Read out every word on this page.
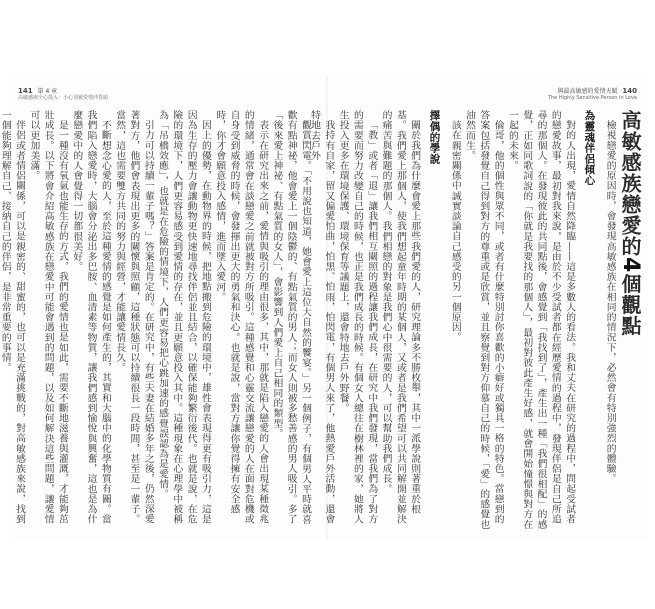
141 第 4 章
高敏感與全心投入：小心別被愛情沖昏頭
與最高敏感的愛情天賦 140
The Highly Sensitive Person in Love
高敏感族戀愛的4個觀點

檢視戀愛的原因時，會發現高敏感族在相同的情況下，必然會有特別強烈的體驗。

為靈魂伴侶傾心

對的人出現，愛情自然降臨——這是多數人的看法。我和丈夫在研究的過程中，問起受試者的戀愛故事，最初對我來說，是由於不少受試者都在經歷愛情的過程中，發現伴侶是自己所追尋的那個人。在發現彼此的共同點後，會感覺到「我找到了」，產生出一種「我們很相配」的感覺，正如同歌詞說的「你就是我要找的那個人」，最初對彼此產生好感，就會開始憧憬與對方在一起的未來。

倫哥，他的個性與眾不同，或者有什麼特別討你喜歡的小癖好或獨具一格的特色。當戀到的答案包括發覺自己得到對方的尊重或是欣賞，並且察覺到對方仰慕自己的時候，「愛」的感覺也油然而生。

該在親密關係中誠實談論自己感受的另一個原因。

擇偶的學說

關於我們為什麼會愛上那些我們愛的人，研究理論多不勝枚舉，其中一派學說則著重於根基。我們愛上那個人，使我們想起童年時期的某個人，又或者是我們希望可以共同解開並解決的痛苦與難題的那個人。我們相戀的對象是我們心中很需要的人，可以幫助我們成長。

「教」或者「退」讓我們相互關照的過程讓我們成長，在研究中我們發現，當我們為了對方的需要而努力改變自己的時候，也正是我們成長的時候。有個女人總往在樹林裡的家，她將人生投入更多在環境保護、環境保育等議題上，還會特地去戶外野餐。

我持有自家，留又偏愛怕曲，怕黑、怕雨，怕閃電，有個男人來了，他熱愛戶外活動，還會特地去戶外

觀賞閃電。「不用說也知道，她會愛上這位大自然的饗宴。」另一個例子，有個男人平時就喜歡有點神祕，他會愛上一個陰鬱的、有點氣質的男人；而女人則被多愁善感的男人吸引。多了「後來愛上神祕、有點氣質的女人」，會影響到人們愛上自己相同的類型。

表示在研究出來之前，愛情與吸引的理由很多，其中，那就是陷入戀愛的人會出現某種徵兆的情緒，通常會在談戀愛之前就被對方所吸引。這種感覺和心靈交流讓戀愛的人在面對危機或自身受到威脅的時候，會發揮出更大的勇氣和決心。也就是說，當對方讓你覺得擁有安全感時，你才會願意投入感情，進而墜入愛河。

因上的優勢，在動物界的時候，把地點搬到危險的環境中，雄性會表現得更有吸引力，這是因為生存的壓力會讓動物更快速地尋找伴侶並且結合，以確保能夠繁衍後代。也就是說，在危險的環境下，人們更容易感受到愛情的存在，並且更願意投入其中。這種現象在心理學中被稱為「吊橋效應」，也就是在危險的情境下，人們更容易把心跳加速的感覺誤認為是愛情。

引力可以持續一輩子嗎？」答案是肯定的。在研究中，有些夫妻在結婚多年之後，仍然深愛著對方，他們會表現出更多的關懷與照顧，這種狀態可以持續很長一段時間，甚至是一輩子。當然，這也需要雙方共同的努力與經營，才能讓愛情長久。

不斷想念心愛的人，至於這種愛情的感覺是如何產生的，其實和大腦中的化學物質有關。當我們陷入戀愛時，大腦會分泌出多巴胺、血清素等物質，讓我們感到愉悅與興奮，這也是為什麼戀愛中的人會覺得一切都很美好。

是一種沒有氧氣也能生存的方式，我們的愛情也是如此，需要不斷地滋養與灌溉，才能夠茁壯成長。以下將會介紹高敏感族在戀愛中可能會遇到的問題，以及如何解決這些問題，讓愛情可以更加美滿。

伴侶或者情侶關係，可以是親密的、甜蜜的，也可以是充滿挑戰的，對高敏感族來說，找到一個能夠理解自己、接納自己的伴侶，是非常重要的事情。
